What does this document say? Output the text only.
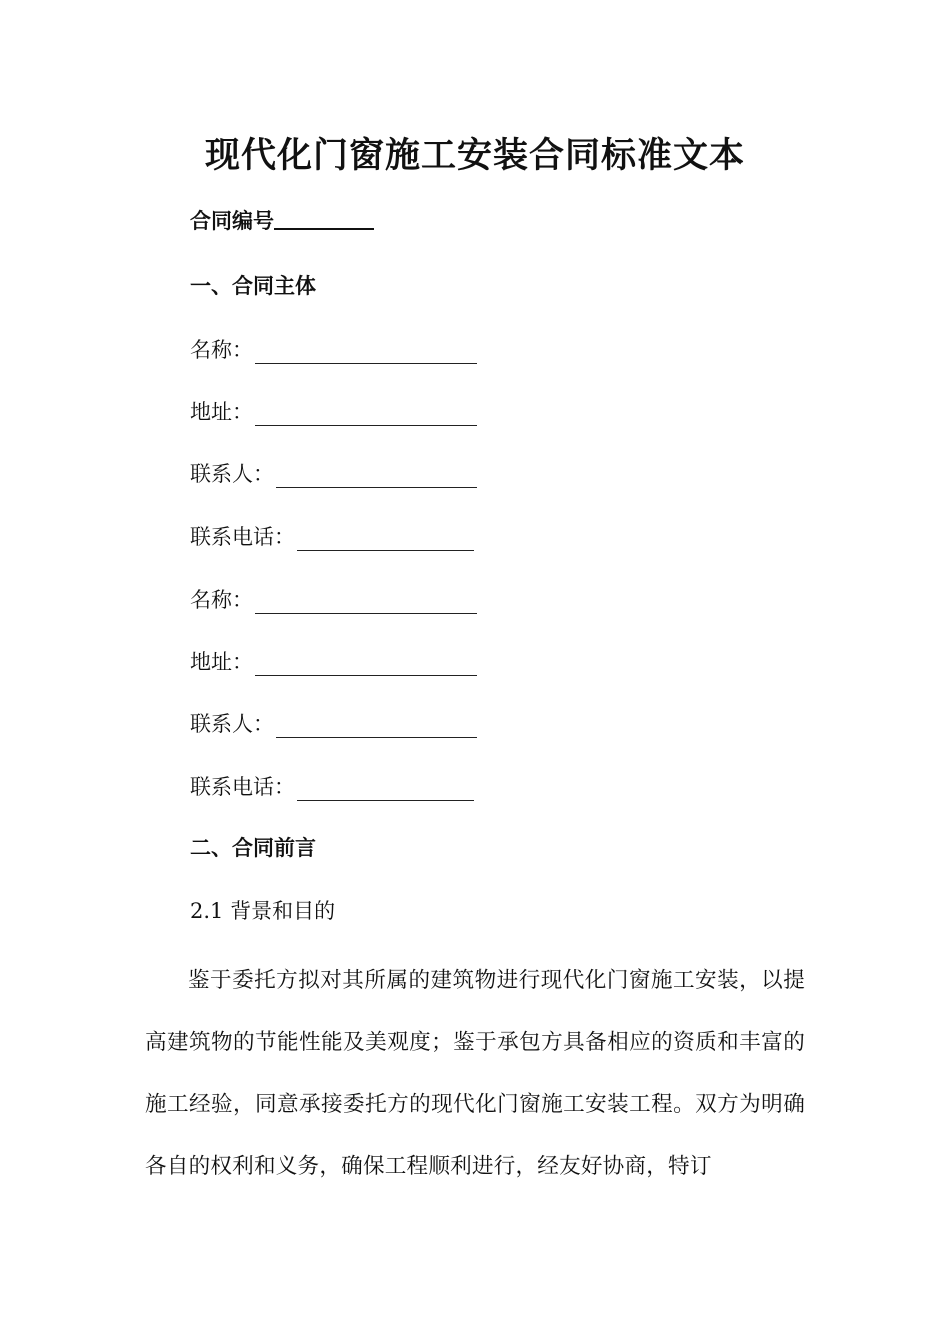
现代化门窗施工安装合同标准文本
合同编号
一、合同主体
名称：
地址：
联系人：
联系电话：
名称：
地址：
联系人：
联系电话：
二、合同前言

2.1 背景和目的

鉴于委托方拟对其所属的建筑物进行现代化门窗施工安装，以提高建筑物的节能性能及美观度；鉴于承包方具备相应的资质和丰富的施工经验，同意承接委托方的现代化门窗施工安装工程。双方为明确各自的权利和义务，确保工程顺利进行，经友好协商，特订
